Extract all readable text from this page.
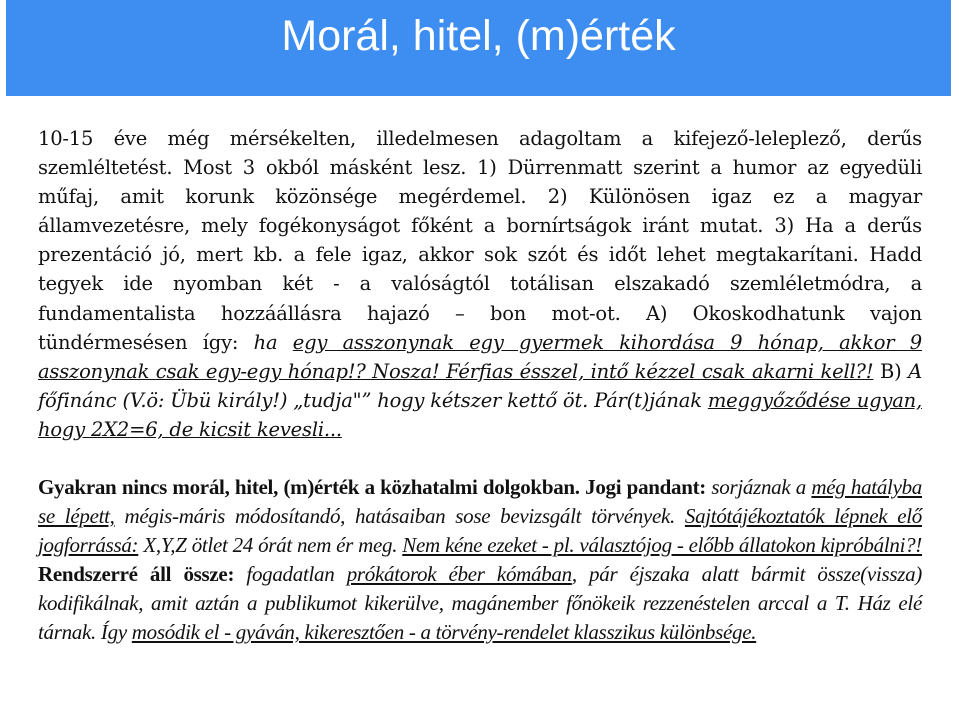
Morál, hitel, (m)érték

10-15 éve még mérsékelten, illedelmesen adagoltam a kifejező-leleplező, derűs szemléltetést. Most 3 okból másként lesz. 1) Dürrenmatt szerint a humor az egyedüli műfaj, amit korunk közönsége megérdemel. 2) Különösen igaz ez a magyar államvezetésre, mely fogékonyságot főként a bornírtságok iránt mutat. 3) Ha a derűs prezentáció jó, mert kb. a fele igaz, akkor sok szót és időt lehet megtakarítani. Hadd tegyek ide nyomban két - a valóságtól totálisan elszakadó szemléletmódra, a fundamentalista hozzáállásra hajazó – bon mot-ot. A) Okoskodhatunk vajon tündérmesésen így: ha egy asszonynak egy gyermek kihordása 9 hónap, akkor 9 asszonynak csak egy-egy hónap!? Nosza! Férfias ésszel, intő kézzel csak akarni kell?! B) A főfinánc (V.ö: Übü király!) „tudja"” hogy kétszer kettő öt. Pár(t)jának meggyőződése ugyan, hogy 2X2=6, de kicsit kevesli...

Gyakran nincs morál, hitel, (m)érték a közhatalmi dolgokban. Jogi pandant: sorjáznak a még hatályba se lépett, mégis-máris módosítandó, hatásaiban sose bevizsgált törvények. Sajtótájékoztatók lépnek elő jogforrássá: X,Y,Z ötlet 24 órát nem ér meg. Nem kéne ezeket - pl. választójog - előbb állatokon kipróbálni?! Rendszerré áll össze: fogadatlan prókátorok éber kómában, pár éjszaka alatt bármit össze(vissza) kodifikálnak, amit aztán a publikumot kikerülve, magánember főnökeik rezzenéstelen arccal a T. Ház elé tárnak. Így mosódik el - gyáván, kikeresztően - a törvény-rendelet klasszikus különbsége.
